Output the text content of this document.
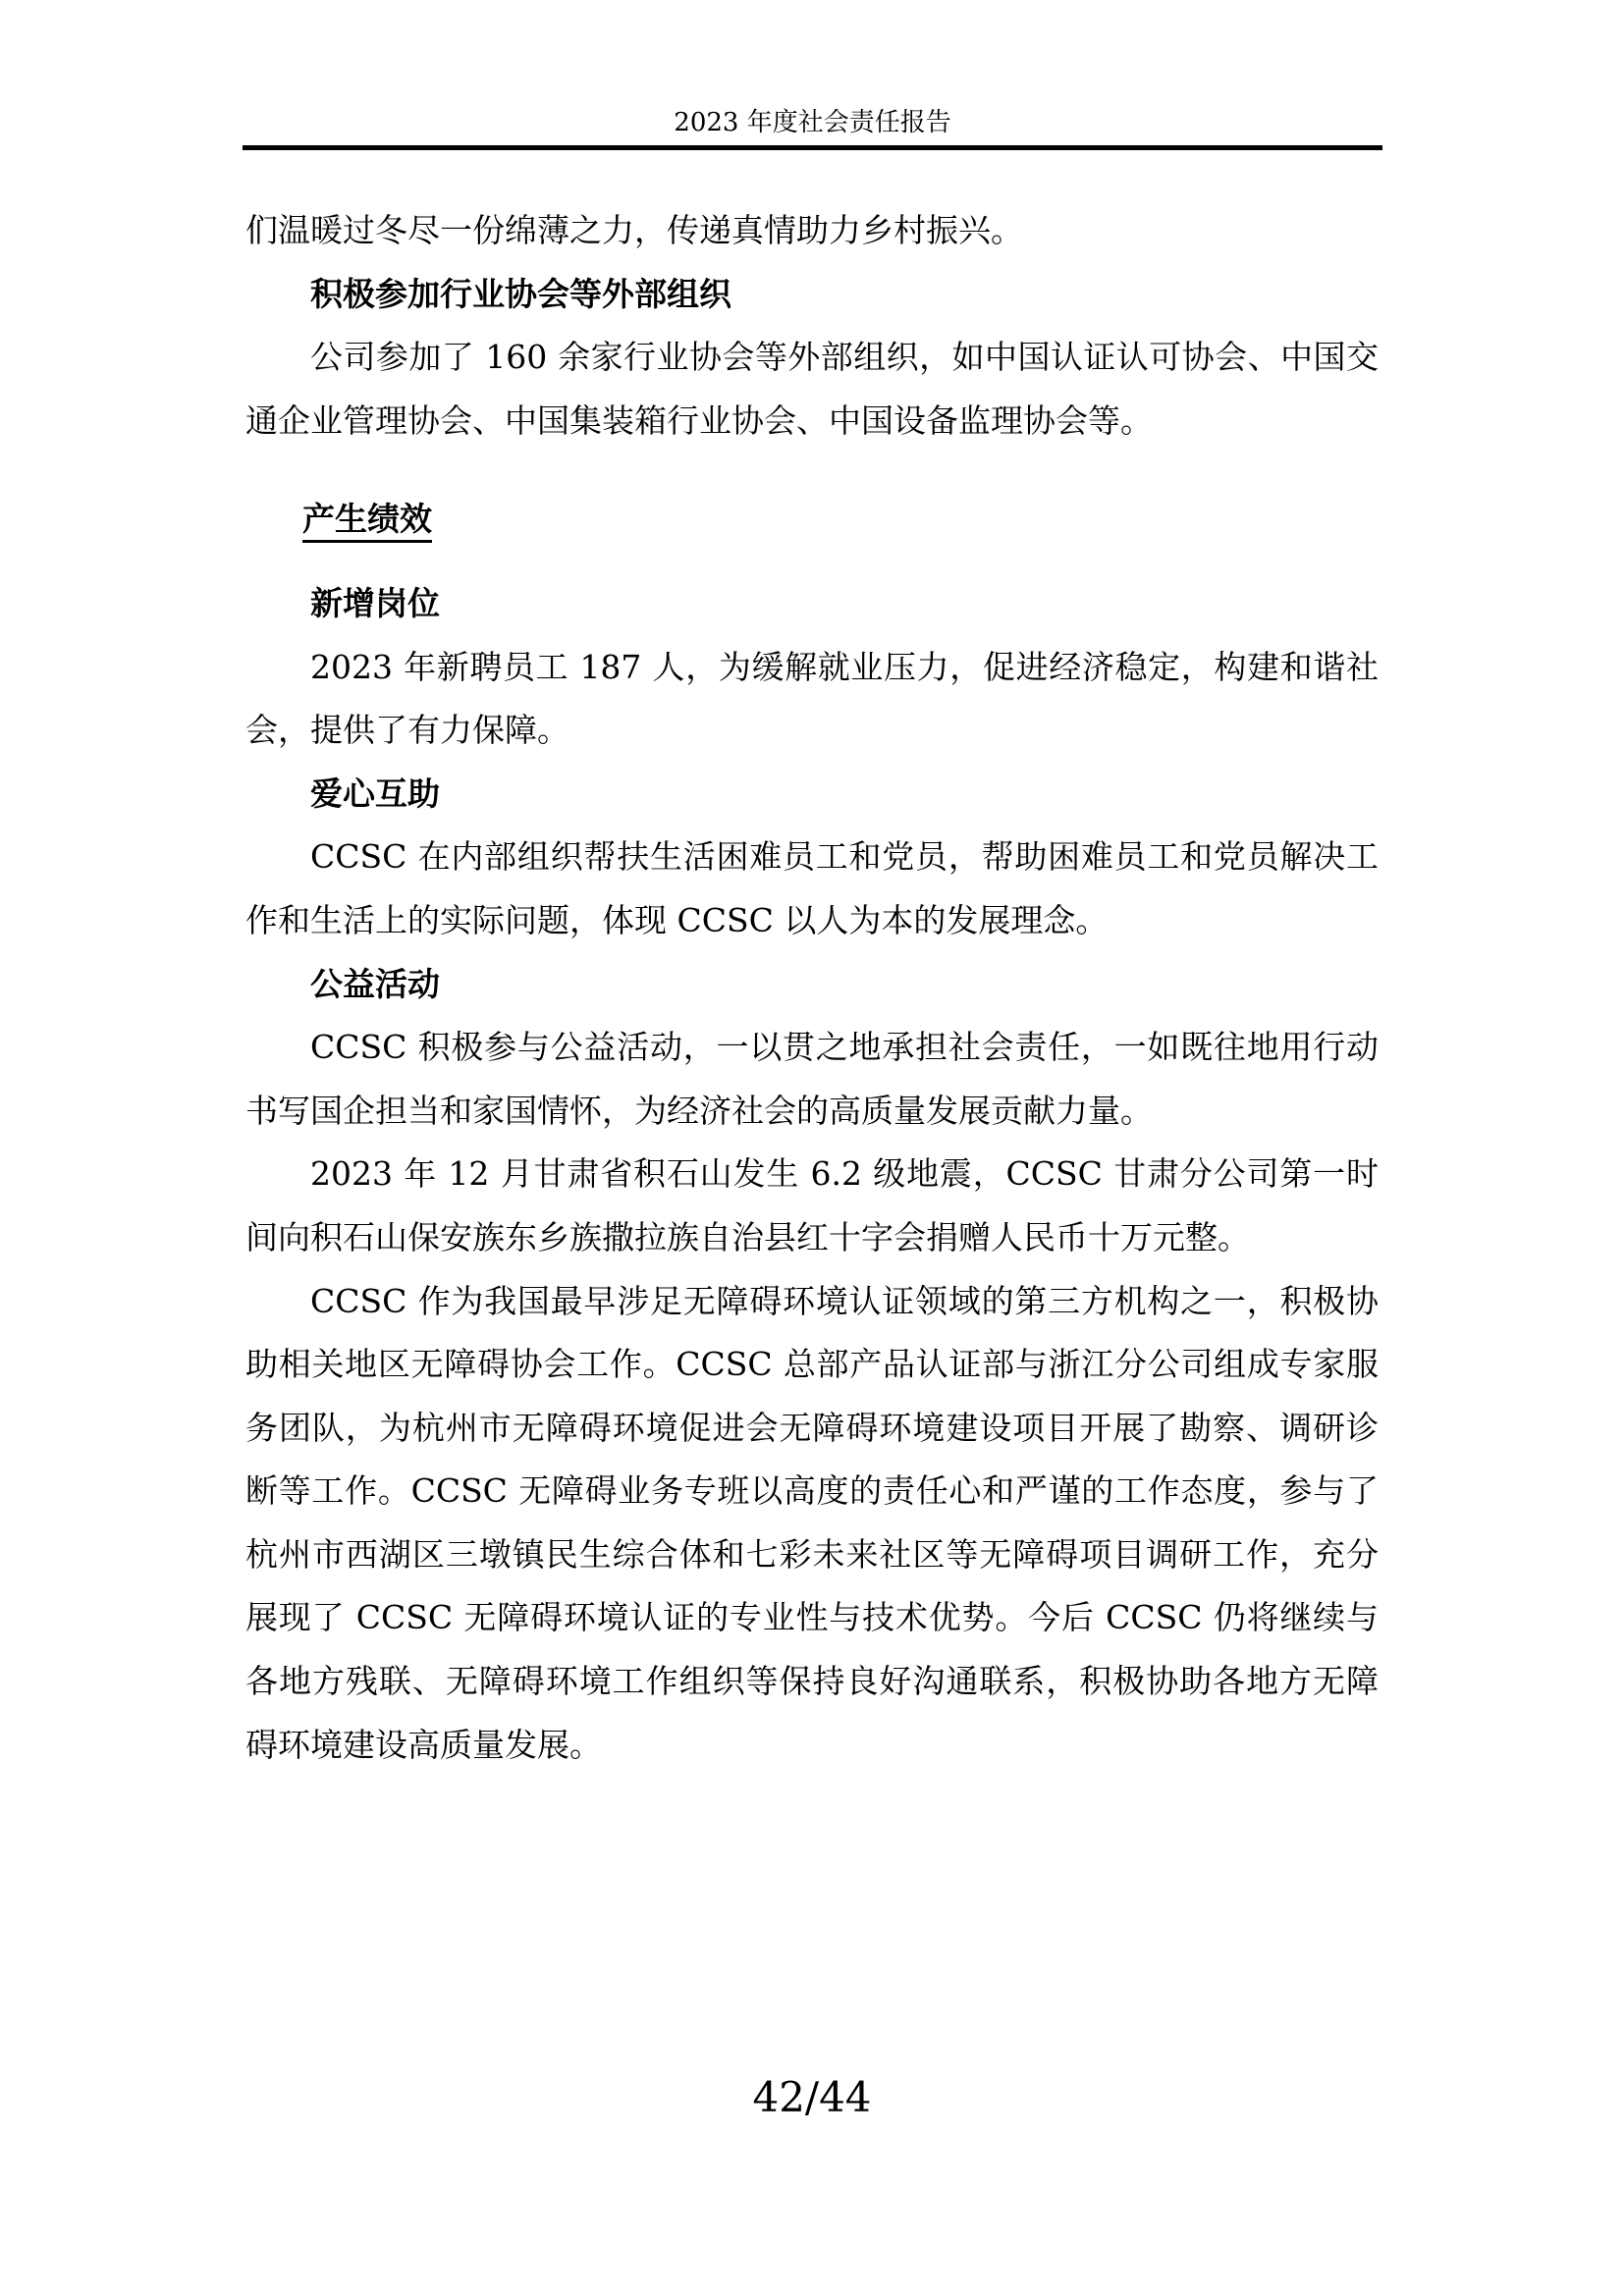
2023 年度社会责任报告

们温暖过冬尽一份绵薄之力，传递真情助力乡村振兴。

积极参加行业协会等外部组织

公司参加了 160 余家行业协会等外部组织，如中国认证认可协会、中国交通企业管理协会、中国集装箱行业协会、中国设备监理协会等。

产生绩效

新增岗位

2023 年新聘员工 187 人，为缓解就业压力，促进经济稳定，构建和谐社会，提供了有力保障。

爱心互助

CCSC 在内部组织帮扶生活困难员工和党员，帮助困难员工和党员解决工作和生活上的实际问题，体现 CCSC 以人为本的发展理念。

公益活动

CCSC 积极参与公益活动，一以贯之地承担社会责任，一如既往地用行动书写国企担当和家国情怀，为经济社会的高质量发展贡献力量。

2023 年 12 月甘肃省积石山发生 6.2 级地震，CCSC 甘肃分公司第一时间向积石山保安族东乡族撒拉族自治县红十字会捐赠人民币十万元整。

CCSC 作为我国最早涉足无障碍环境认证领域的第三方机构之一，积极协助相关地区无障碍协会工作。CCSC 总部产品认证部与浙江分公司组成专家服务团队，为杭州市无障碍环境促进会无障碍环境建设项目开展了勘察、调研诊断等工作。CCSC 无障碍业务专班以高度的责任心和严谨的工作态度，参与了杭州市西湖区三墩镇民生综合体和七彩未来社区等无障碍项目调研工作，充分展现了 CCSC 无障碍环境认证的专业性与技术优势。今后 CCSC 仍将继续与各地方残联、无障碍环境工作组织等保持良好沟通联系，积极协助各地方无障碍环境建设高质量发展。

42/44
